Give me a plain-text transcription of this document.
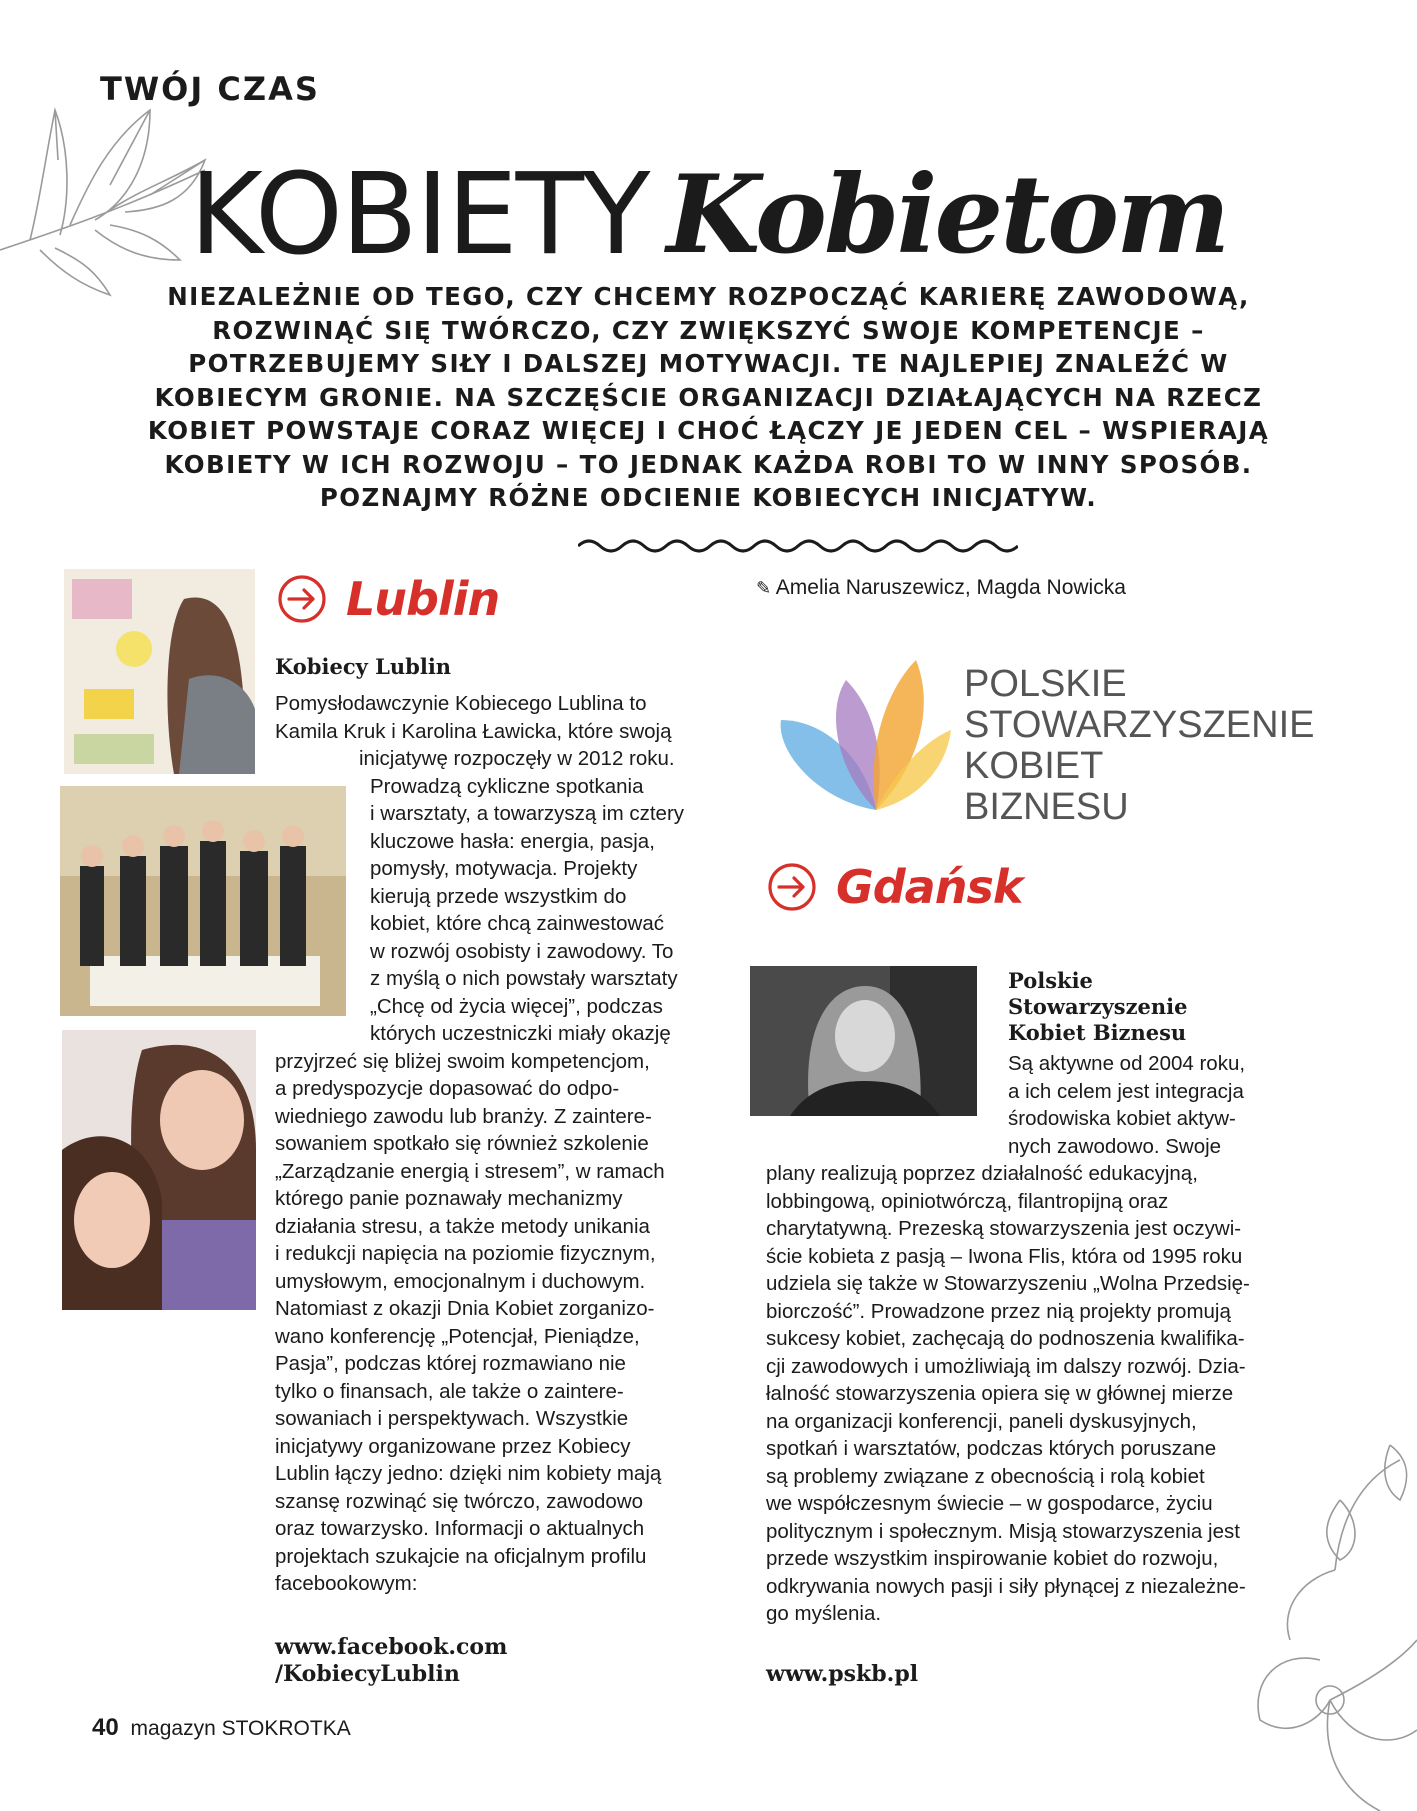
TWÓJ CZAS
KOBIETY Kobietom
NIEZALEŻNIE OD TEGO, CZY CHCEMY ROZPOCZĄĆ KARIERĘ ZAWODOWĄ, ROZWINĄĆ SIĘ TWÓRCZO, CZY ZWIĘKSZYĆ SWOJE KOMPETENCJE – POTRZEBUJEMY SIŁY I DALSZEJ MOTYWACJI. TE NAJLEPIEJ ZNALEŹĆ W KOBIECYM GRONIE. NA SZCZĘŚCIE ORGANIZACJI DZIAŁAJĄCYCH NA RZECZ KOBIET POWSTAJE CORAZ WIĘCEJ I CHOĆ ŁĄCZY JE JEDEN CEL – WSPIERAJĄ KOBIETY W ICH ROZWOJU – TO JEDNAK KAŻDA ROBI TO W INNY SPOSÓB. POZNAJMY RÓŻNE ODCIENIE KOBIECYCH INICJATYW.
✎ Amelia Naruszewicz, Magda Nowicka
Lublin
Kobiecy Lublin
Pomysłodawczynie Kobiecego Lublina to
Kamila Kruk i Karolina Ławicka, które swoją
inicjatywę rozpoczęły w 2012 roku.
Prowadzą cykliczne spotkania
i warsztaty, a towarzyszą im cztery
kluczowe hasła: energia, pasja,
pomysły, motywacja. Projekty
kierują przede wszystkim do
kobiet, które chcą zainwestować
w rozwój osobisty i zawodowy. To
z myślą o nich powstały warsztaty
„Chcę od życia więcej”, podczas
których uczestniczki miały okazję
przyjrzeć się bliżej swoim kompetencjom,
a predyspozycje dopasować do odpo-
wiedniego zawodu lub branży. Z zaintere-
sowaniem spotkało się również szkolenie
„Zarządzanie energią i stresem”, w ramach
którego panie poznawały mechanizmy
działania stresu, a także metody unikania
i redukcji napięcia na poziomie fizycznym,
umysłowym, emocjonalnym i duchowym.
Natomiast z okazji Dnia Kobiet zorganizo-
wano konferencję „Potencjał, Pieniądze,
Pasja”, podczas której rozmawiano nie
tylko o finansach, ale także o zaintere-
sowaniach i perspektywach. Wszystkie
inicjatywy organizowane przez Kobiecy
Lublin łączy jedno: dzięki nim kobiety mają
szansę rozwinąć się twórczo, zawodowo
oraz towarzysko. Informacji o aktualnych
projektach szukajcie na oficjalnym profilu
facebookowym:
www.facebook.com
/KobiecyLublin
POLSKIE
STOWARZYSZENIE
KOBIET
BIZNESU
Gdańsk
Polskie
Stowarzyszenie
Kobiet Biznesu
Są aktywne od 2004 roku,
a ich celem jest integracja
środowiska kobiet aktyw-
nych zawodowo. Swoje
plany realizują poprzez działalność edukacyjną,
lobbingową, opiniotwórczą, filantropijną oraz
charytatywną. Prezeską stowarzyszenia jest oczywi-
ście kobieta z pasją – Iwona Flis, która od 1995 roku
udziela się także w Stowarzyszeniu „Wolna Przedsię-
biorczość”. Prowadzone przez nią projekty promują
sukcesy kobiet, zachęcają do podnoszenia kwalifika-
cji zawodowych i umożliwiają im dalszy rozwój. Dzia-
łalność stowarzyszenia opiera się w głównej mierze
na organizacji konferencji, paneli dyskusyjnych,
spotkań i warsztatów, podczas których poruszane
są problemy związane z obecnością i rolą kobiet
we współczesnym świecie – w gospodarce, życiu
politycznym i społecznym. Misją stowarzyszenia jest
przede wszystkim inspirowanie kobiet do rozwoju,
odkrywania nowych pasji i siły płynącej z niezależne-
go myślenia.
www.pskb.pl
40 magazyn STOKROTKA
